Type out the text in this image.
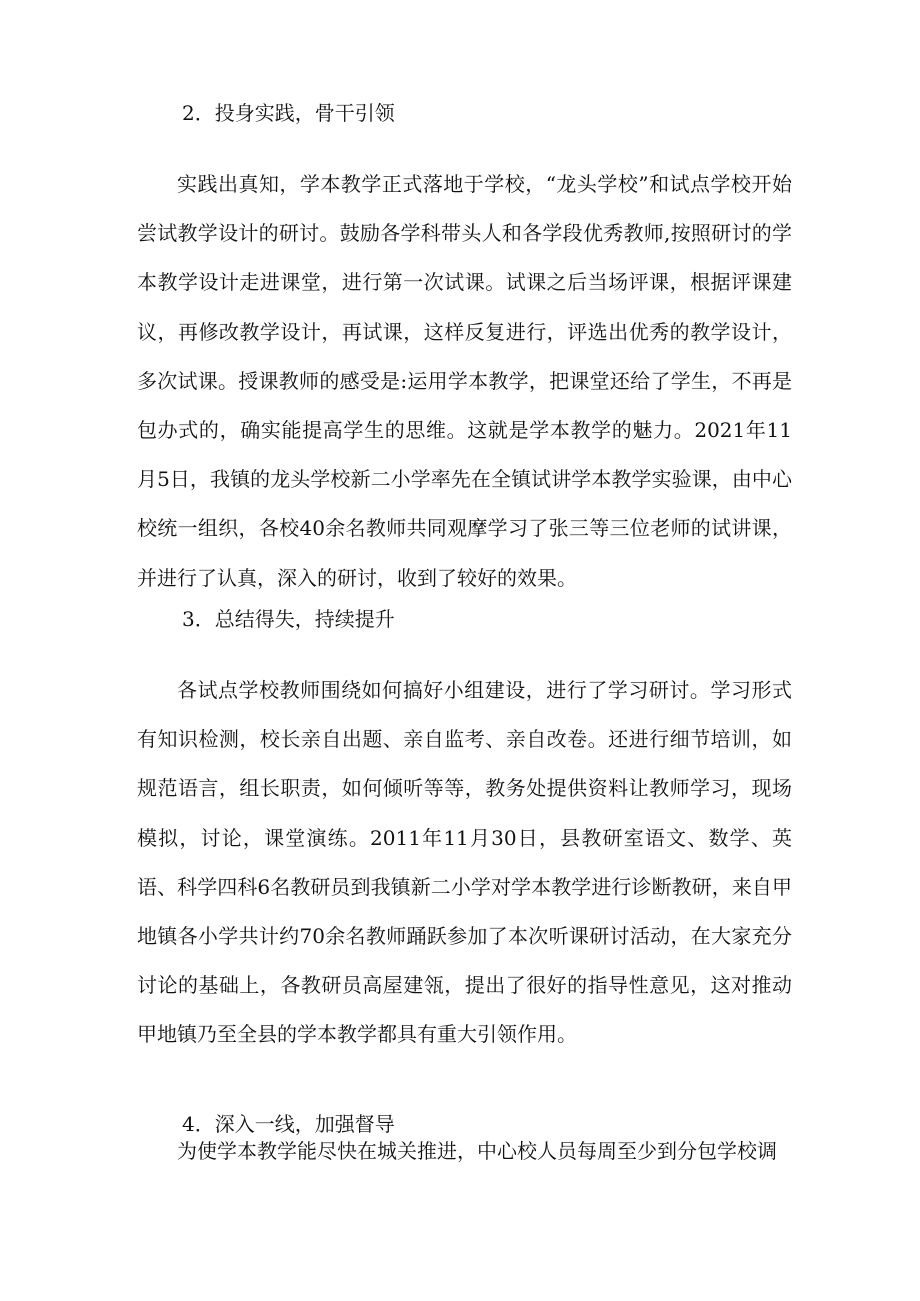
2．投身实践，骨干引领

实践出真知，学本教学正式落地于学校，“龙头学校”和试点学校开始尝试教学设计的研讨。鼓励各学科带头人和各学段优秀教师,按照研讨的学本教学设计走进课堂，进行第一次试课。试课之后当场评课，根据评课建议，再修改教学设计，再试课，这样反复进行，评选出优秀的教学设计，多次试课。授课教师的感受是:运用学本教学，把课堂还给了学生，不再是包办式的，确实能提高学生的思维。这就是学本教学的魅力。2021年11月5日，我镇的龙头学校新二小学率先在全镇试讲学本教学实验课，由中心校统一组织，各校40余名教师共同观摩学习了张三等三位老师的试讲课，并进行了认真，深入的研讨，收到了较好的效果。

3．总结得失，持续提升

各试点学校教师围绕如何搞好小组建设，进行了学习研讨。学习形式有知识检测，校长亲自出题、亲自监考、亲自改卷。还进行细节培训，如规范语言，组长职责，如何倾听等等，教务处提供资料让教师学习，现场模拟，讨论，课堂演练。2011年11月30日，县教研室语文、数学、英语、科学四科6名教研员到我镇新二小学对学本教学进行诊断教研，来自甲地镇各小学共计约70余名教师踊跃参加了本次听课研讨活动，在大家充分讨论的基础上，各教研员高屋建瓴，提出了很好的指导性意见，这对推动甲地镇乃至全县的学本教学都具有重大引领作用。

4．深入一线，加强督导

为使学本教学能尽快在城关推进，中心校人员每周至少到分包学校调
